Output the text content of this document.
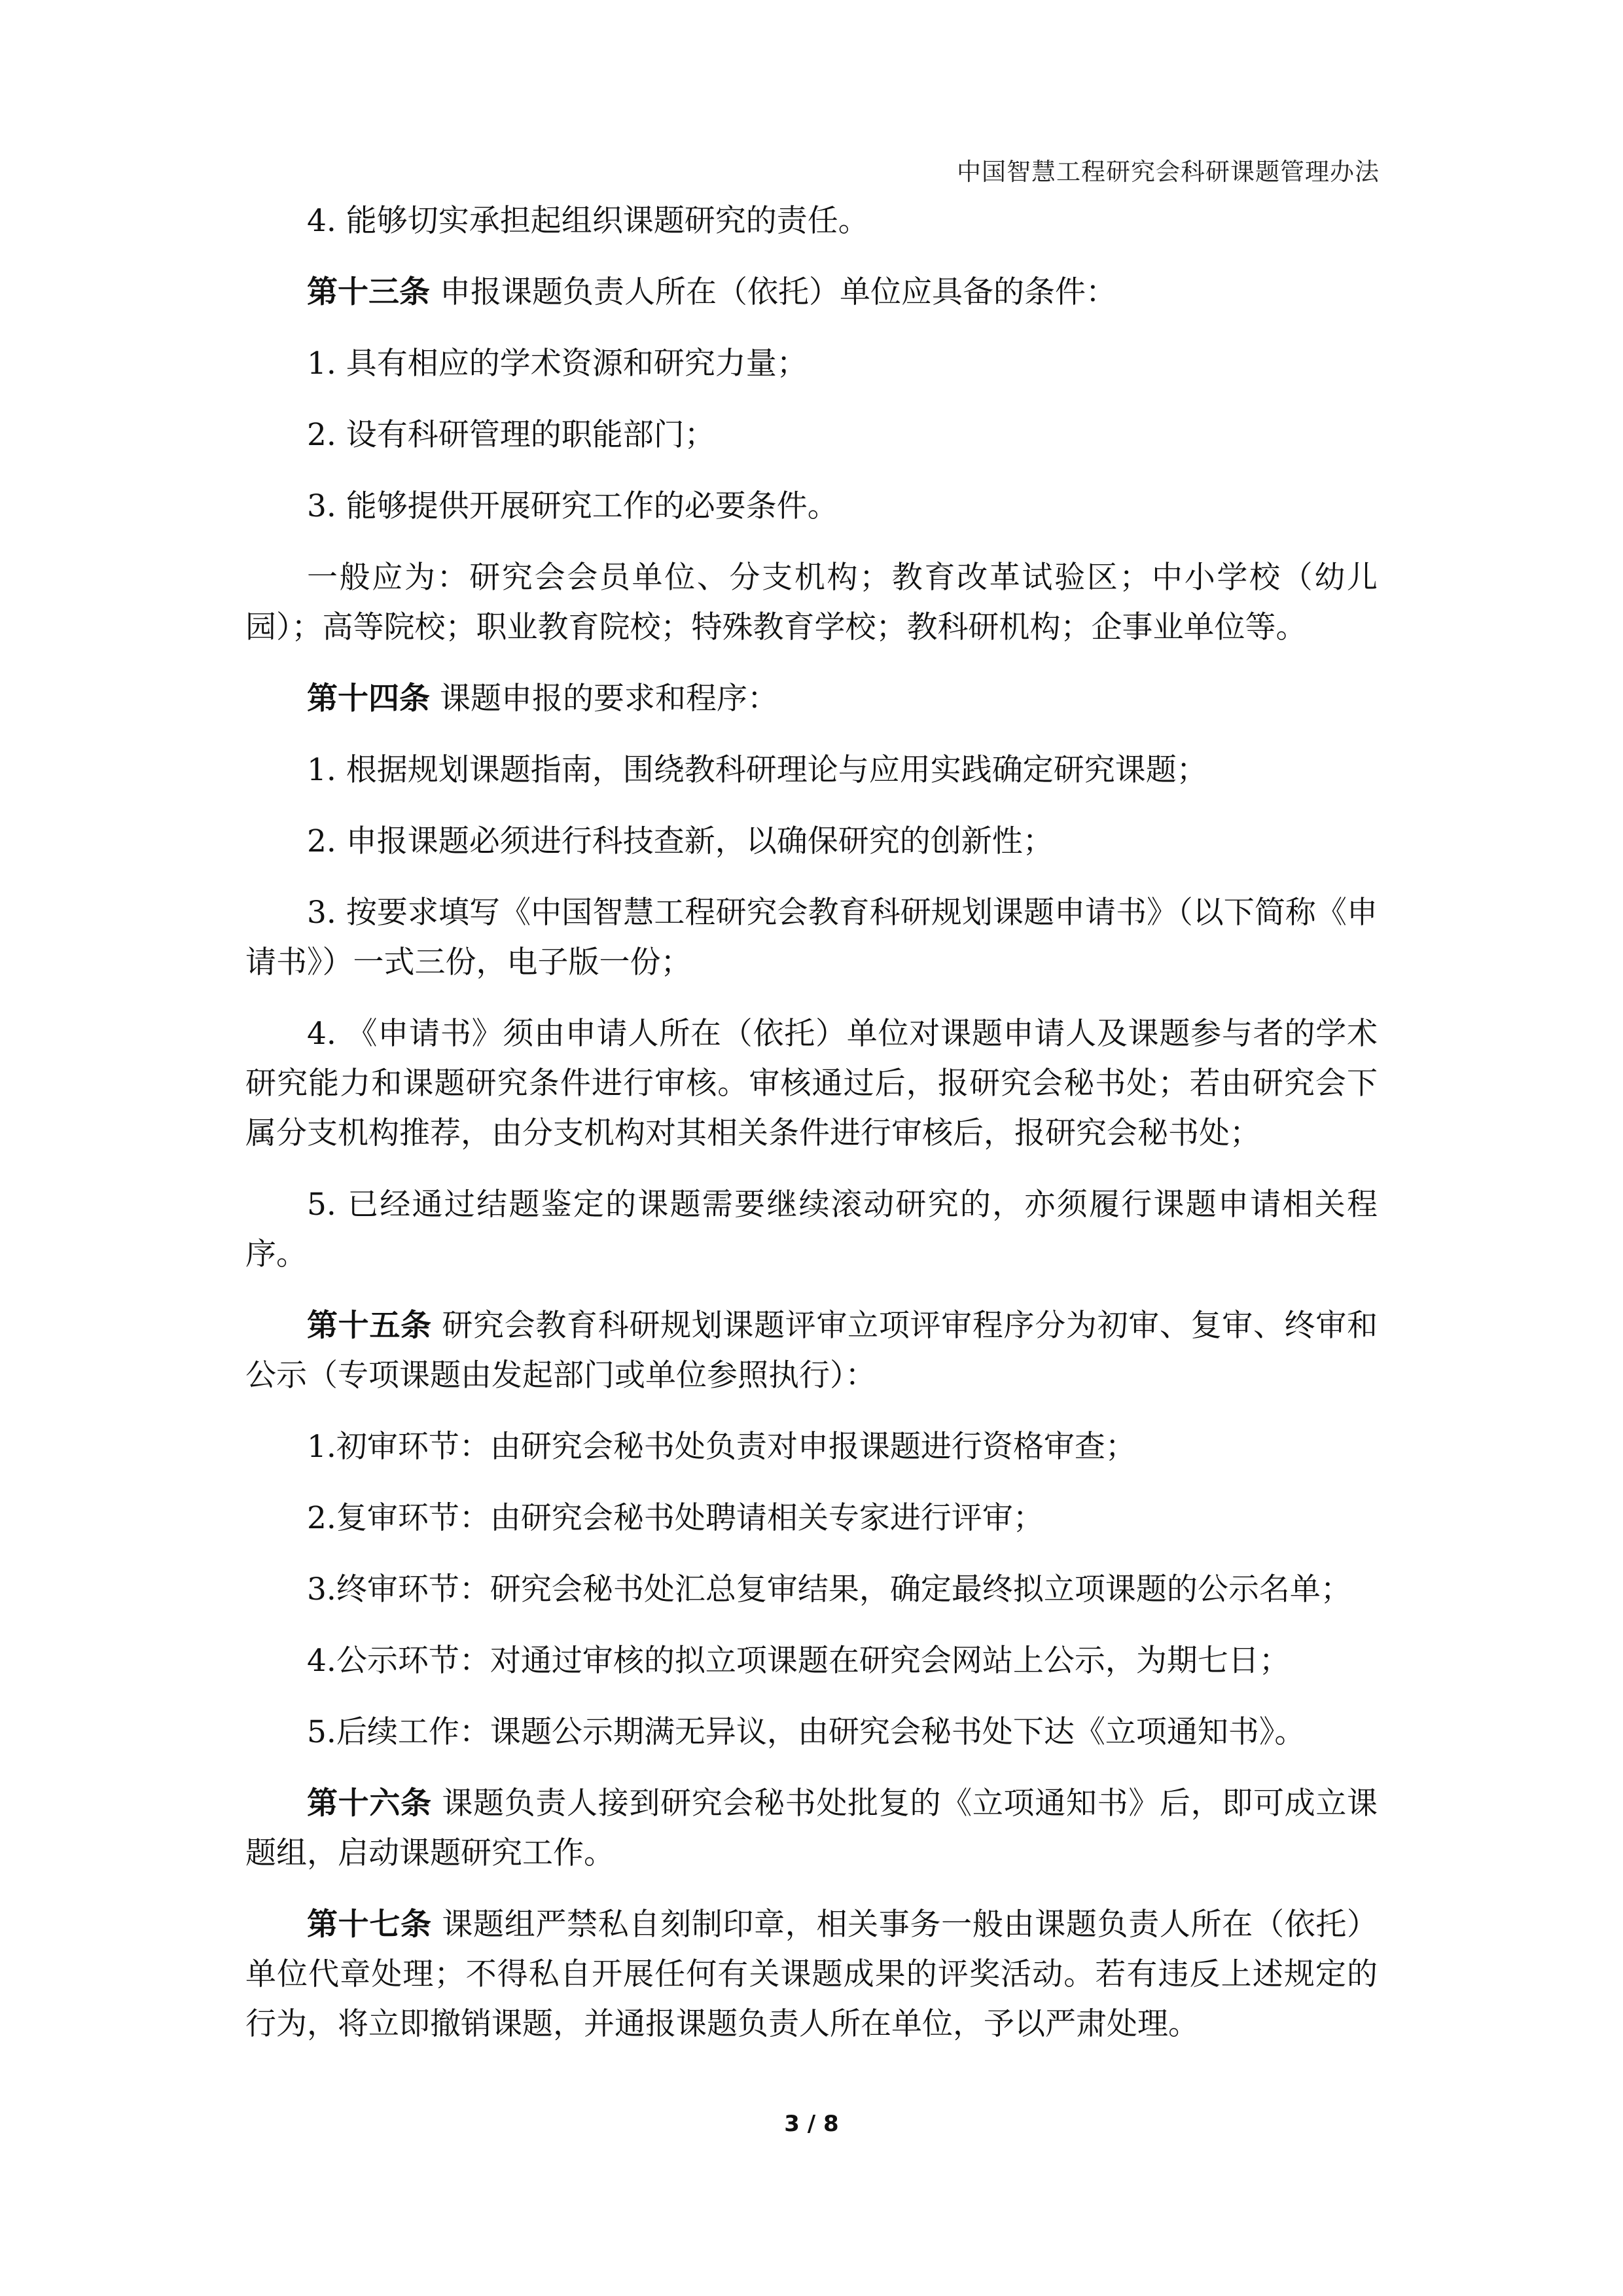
中国智慧工程研究会科研课题管理办法

4. 能够切实承担起组织课题研究的责任。

第十三条 申报课题负责人所在（依托）单位应具备的条件：

1. 具有相应的学术资源和研究力量；

2. 设有科研管理的职能部门；

3. 能够提供开展研究工作的必要条件。

一般应为：研究会会员单位、分支机构；教育改革试验区；中小学校（幼儿园）；高等院校；职业教育院校；特殊教育学校；教科研机构；企事业单位等。

第十四条 课题申报的要求和程序：

1. 根据规划课题指南，围绕教科研理论与应用实践确定研究课题；

2. 申报课题必须进行科技查新，以确保研究的创新性；

3. 按要求填写《中国智慧工程研究会教育科研规划课题申请书》（以下简称《申请书》）一式三份，电子版一份；

4. 《申请书》须由申请人所在（依托）单位对课题申请人及课题参与者的学术研究能力和课题研究条件进行审核。审核通过后，报研究会秘书处；若由研究会下属分支机构推荐，由分支机构对其相关条件进行审核后，报研究会秘书处；

5. 已经通过结题鉴定的课题需要继续滚动研究的，亦须履行课题申请相关程序。

第十五条 研究会教育科研规划课题评审立项评审程序分为初审、复审、终审和公示（专项课题由发起部门或单位参照执行）：

1.初审环节：由研究会秘书处负责对申报课题进行资格审查；

2.复审环节：由研究会秘书处聘请相关专家进行评审；

3.终审环节：研究会秘书处汇总复审结果，确定最终拟立项课题的公示名单；

4.公示环节：对通过审核的拟立项课题在研究会网站上公示，为期七日；

5.后续工作：课题公示期满无异议，由研究会秘书处下达《立项通知书》。

第十六条 课题负责人接到研究会秘书处批复的《立项通知书》后，即可成立课题组，启动课题研究工作。

第十七条 课题组严禁私自刻制印章，相关事务一般由课题负责人所在（依托）单位代章处理；不得私自开展任何有关课题成果的评奖活动。若有违反上述规定的行为，将立即撤销课题，并通报课题负责人所在单位，予以严肃处理。

3 / 8
